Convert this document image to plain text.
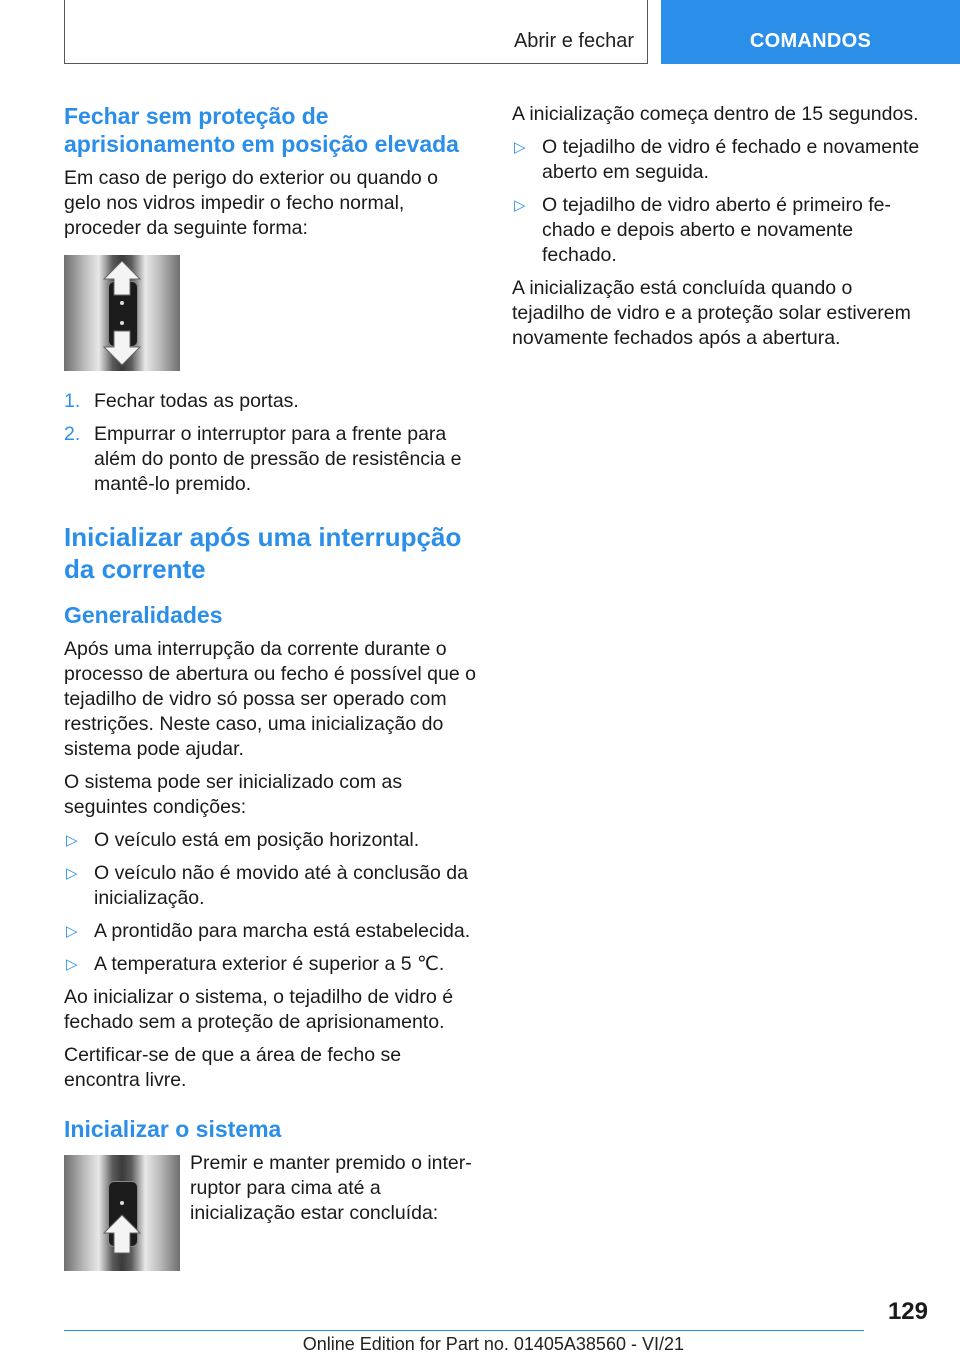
Abrir e fechar	COMANDOS
Fechar sem proteção de aprisionamento em posição elevada

Em caso de perigo do exterior ou quando o gelo nos vidros impedir o fecho normal, proceder da seguinte forma:

1. Fechar todas as portas.
2. Empurrar o interruptor para a frente para além do ponto de pressão de resistência e mantê-lo premido.
Inicializar após uma interrupção da corrente
Generalidades

Após uma interrupção da corrente durante o processo de abertura ou fecho é possível que o tejadilho de vidro só possa ser operado com restrições. Neste caso, uma inicialização do sistema pode ajudar.

O sistema pode ser inicializado com as seguintes condições:

▷ O veículo está em posição horizontal.
▷ O veículo não é movido até à conclusão da inicialização.
▷ A prontidão para marcha está estabelecida.
▷ A temperatura exterior é superior a 5 ℃.

Ao inicializar o sistema, o tejadilho de vidro é fechado sem a proteção de aprisionamento.

Certificar-se de que a área de fecho se encontra livre.

Inicializar o sistema

Premir e manter premido o interruptor para cima até a inicialização estar concluída:

A inicialização começa dentro de 15 segundos.

▷ O tejadilho de vidro é fechado e novamente aberto em seguida.
▷ O tejadilho de vidro aberto é primeiro fechado e depois aberto e novamente fechado.

A inicialização está concluída quando o tejadilho de vidro e a proteção solar estiverem novamente fechados após a abertura.

129
Online Edition for Part no. 01405A38560 - VI/21
